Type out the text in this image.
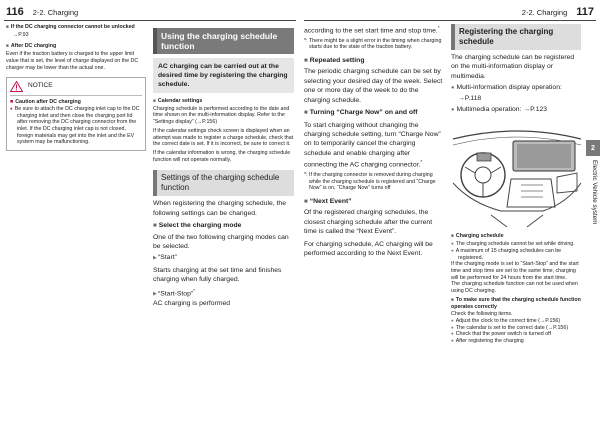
116 2-2. Charging
■ If the DC charging connector cannot be unlocked
→P.93
■ After DC charging
Even if the traction battery is charged to the upper limit value that is set, the level of charge displayed on the DC charger may be lower than the actual one.
NOTICE
■ Caution after DC charging
● Be sure to attach the DC charging inlet cap to the DC charging inlet and then close the charging port lid after removing the DC charging connector from the inlet. If the DC charging inlet cap is not closed, foreign materials may get into the inlet and the EV system may be malfunctioning.
Using the charging schedule function
AC charging can be carried out at the desired time by registering the charging schedule.
■ Calendar settings
Charging schedule is performed according to the date and time shown on the multi-information display. Refer to the “Settings display” (→P.156)
If the calendar settings check screen is displayed when an attempt was made to register a charge schedule, check that the correct date is set. If it is incorrect, be sure to correct it.
If the calendar information is wrong, the charging schedule function will not operate normally.
Settings of the charging schedule function
When registering the charging schedule, the following settings can be changed.
■ Select the charging mode
One of the two following charging modes can be selected.
▶ “Start”
Starts charging at the set time and finishes charging when fully charged.
▶ “Start-Stop”*
AC charging is performed
2-2. Charging 117
according to the set start time and stop time.*
*: There might be a slight error in the timing when charging starts due to the state of the traction battery.
■ Repeated setting
The periodic charging schedule can be set by selecting your desired day of the week. Select one or more day of the week to do the charging schedule.
■ Turning “Charge Now” on and off
To start charging without changing the charging schedule setting, turn “Charge Now” on to temporarily cancel the charging schedule and enable charging after connecting the AC charging connector.*
*: If the charging connector is removed during charging while the charging schedule is registered and “Charge Now” is on, “Charge Now” turns off
■ “Next Event”
Of the registered charging schedules, the closest charging schedule after the current time is called the “Next Event”.
For charging schedule, AC charging will be performed according to the Next Event.
Registering the charging schedule
The charging schedule can be registered on the multi-information display or multimedia.
● Multi-information display operation: →P.118
● Multimedia operation: →P.123
■ Charging schedule
● The charging schedule cannot be set while driving.
● A maximum of 15 charging schedules can be registered.
If the charging mode is set to “Start-Stop” and the start time and stop time are set to the same time, charging will be performed for 24 hours from the start time.
The charging schedule function can not be used when using DC charging.
■ To make sure that the charging schedule function operates correctly
Check the following items.
● Adjust the clock to the correct time (→P.156)
● The calendar is set to the correct date (→P.156)
● Check that the power switch is turned off
● After registering the charging
2
Electric Vehicle system
